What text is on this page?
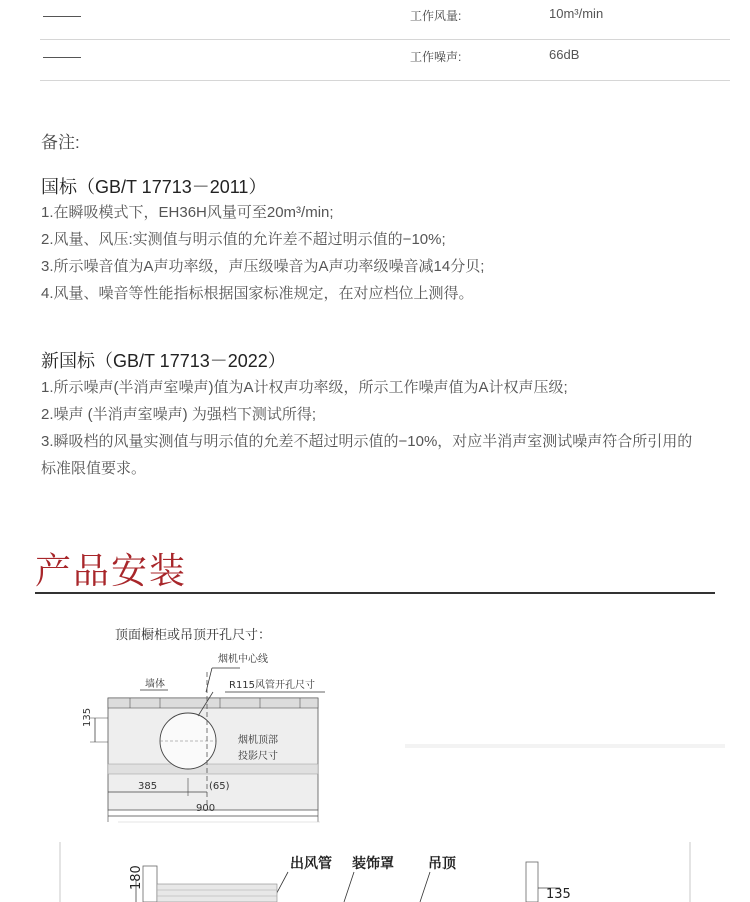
工作风量:	10m³/min
工作噪声:	66dB
备注:
国标（GB/T 17713－2011）
1.在瞬吸模式下，EH36H风量可至20m³/min;
2.风量、风压:实测值与明示值的允许差不超过明示值的−10%;
3.所示噪音值为A声功率级，声压级噪音为A声功率级噪音减14分贝;
4.风量、噪音等性能指标根据国家标准规定，在对应档位上测得。
新国标（GB/T 17713－2022）
1.所示噪声(半消声室噪声)值为A计权声功率级，所示工作噪声值为A计权声压级;
2.噪声 (半消声室噪声) 为强档下测试所得;
3.瞬吸档的风量实测值与明示值的允差不超过明示值的−10%，对应半消声室测试噪声符合所引用的
标准限值要求。
产品安装
顶面橱柜或吊顶开孔尺寸：
烟机中心线
墙体	R115风管开孔尺寸
烟机顶部
投影尺寸
135
385	(65)
900
出风管 装饰罩 吊顶
180
135
